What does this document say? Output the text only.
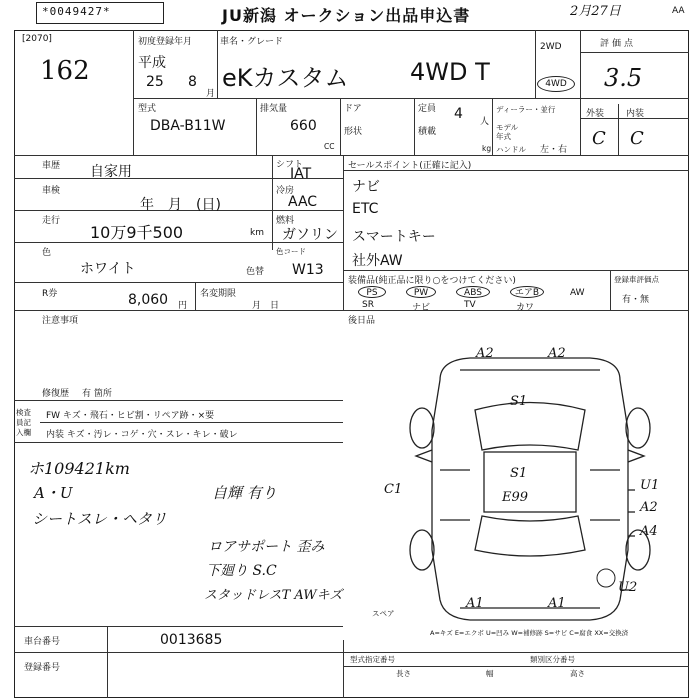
*0049427*	JU新潟 オークション出品申込書	2月27日	AA
[2070]
162
初度登録年月
平成
25 8
月
車名・グレード
eKカスタム	4WD T
2WD
4WD
評価点
3.5
外装 内装
C C
型式
DBA-B11W
排気量
660
CC
ドア
形状
定員 4 人
積載
kg
ディーラー・並行
モデル
年式
ハンドル 左・右
車歴 自家用	シフト
IAT
車検
年　月　(日)
冷房
AAC
走行
10万9千500	km
燃料
ガソリン
色
ホワイト	色替
色コード
W13
R券	8,060 円
名変期限
月　日
セールスポイント(正確に記入)
ナビ
ETC
スマートキー
社外AW
装備品(純正品に限り○をつけてください)	登録車評価点
PS	PW	ABS	エアB	AW
SR	ナビ	TV	カワ
有・無
注意事項	後日品
修復歴 有 箇所
検査員記入欄
FW キズ・飛石・ヒビ割・リペア跡・×要
内装 キズ・汚レ・コゲ・穴・スレ・キレ・破レ
ホ109421km
A・U
シートスレ・ヘタリ
自輝 有り
ロアサポート 歪み
下廻り S.C
スタッドレスT AWキズ
A2	A2
S1
S1
E99
C1	U1
A2
A4
U2
A1	A1
スペア
A=キズ E=エクボ U=凹み W=補修跡 S=サビ C=腐食 XX=交換済
車台番号	0013685
登録番号
型式指定番号	類別区分番号
長さ	幅	高さ
